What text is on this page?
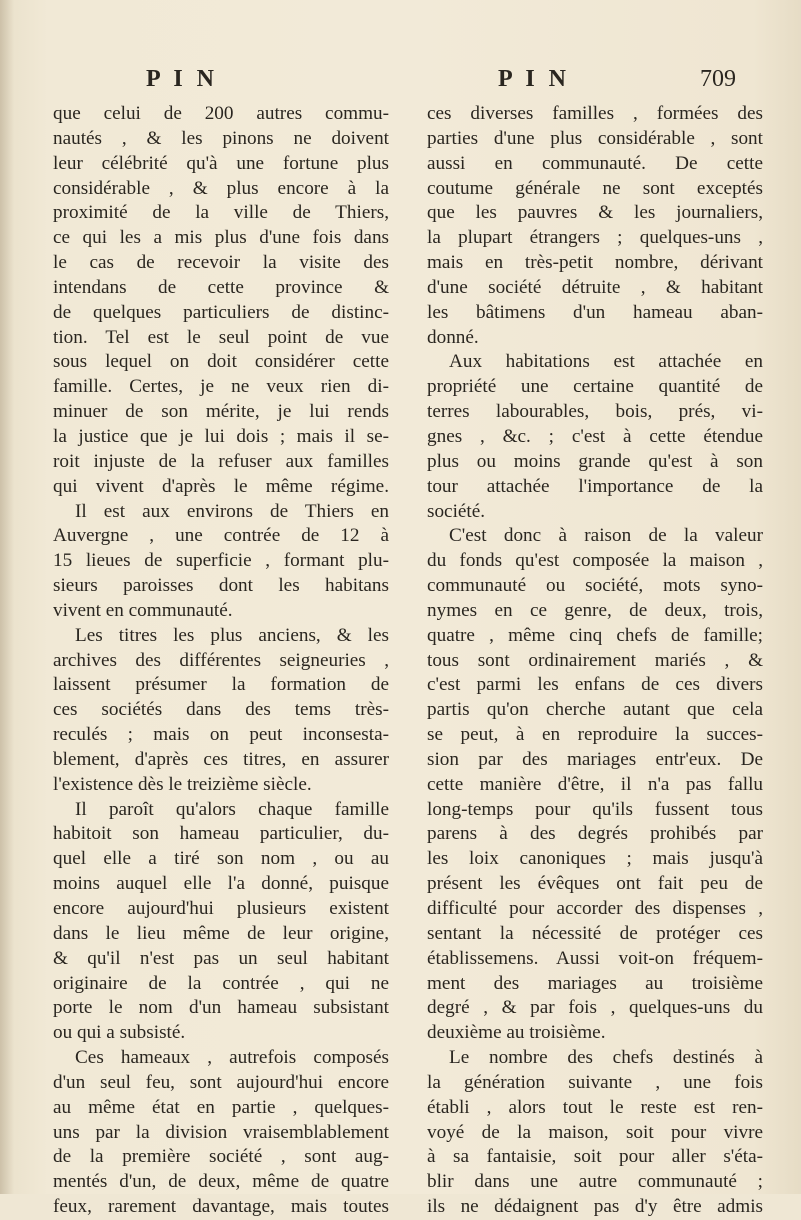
P I N	P I N	709
que celui de 200 autres commu-
nautés , & les pinons ne doivent
leur célébrité qu'à une fortune plus
considérable , & plus encore à la
proximité de la ville de Thiers,
ce qui les a mis plus d'une fois dans
le cas de recevoir la visite des
intendans de cette province &
de quelques particuliers de distinc-
tion. Tel est le seul point de vue
sous lequel on doit considérer cette
famille. Certes, je ne veux rien di-
minuer de son mérite, je lui rends
la justice que je lui dois ; mais il se-
roit injuste de la refuser aux familles
qui vivent d'après le même régime.
Il est aux environs de Thiers en
Auvergne , une contrée de 12 à
15 lieues de superficie , formant plu-
sieurs paroisses dont les habitans
vivent en communauté.
Les titres les plus anciens, & les
archives des différentes seigneuries ,
laissent présumer la formation de
ces sociétés dans des tems très-
reculés ; mais on peut inconsesta-
blement, d'après ces titres, en assurer
l'existence dès le treizième siècle.
Il paroît qu'alors chaque famille
habitoit son hameau particulier, du-
quel elle a tiré son nom , ou au
moins auquel elle l'a donné, puisque
encore aujourd'hui plusieurs existent
dans le lieu même de leur origine,
& qu'il n'est pas un seul habitant
originaire de la contrée , qui ne
porte le nom d'un hameau subsistant
ou qui a subsisté.
Ces hameaux , autrefois composés
d'un seul feu, sont aujourd'hui encore
au même état en partie , quelques-
uns par la division vraisemblablement
de la première société , sont aug-
mentés d'un, de deux, même de quatre
feux, rarement davantage, mais toutes
ces diverses familles , formées des
parties d'une plus considérable , sont
aussi en communauté. De cette
coutume générale ne sont exceptés
que les pauvres & les journaliers,
la plupart étrangers ; quelques-uns ,
mais en très-petit nombre, dérivant
d'une société détruite , & habitant
les bâtimens d'un hameau aban-
donné.
Aux habitations est attachée en
propriété une certaine quantité de
terres labourables, bois, prés, vi-
gnes , &c. ; c'est à cette étendue
plus ou moins grande qu'est à son
tour attachée l'importance de la
société.
C'est donc à raison de la valeur
du fonds qu'est composée la maison ,
communauté ou société, mots syno-
nymes en ce genre, de deux, trois,
quatre , même cinq chefs de famille;
tous sont ordinairement mariés , &
c'est parmi les enfans de ces divers
partis qu'on cherche autant que cela
se peut, à en reproduire la succes-
sion par des mariages entr'eux. De
cette manière d'être, il n'a pas fallu
long-temps pour qu'ils fussent tous
parens à des degrés prohibés par
les loix canoniques ; mais jusqu'à
présent les évêques ont fait peu de
difficulté pour accorder des dispenses ,
sentant la nécessité de protéger ces
établissemens. Aussi voit-on fréquem-
ment des mariages au troisième
degré , & par fois , quelques-uns du
deuxième au troisième.
Le nombre des chefs destinés à
la génération suivante , une fois
établi , alors tout le reste est ren-
voyé de la maison, soit pour vivre
à sa fantaisie, soit pour aller s'éta-
blir dans une autre communauté ;
ils ne dédaignent pas d'y être admis
